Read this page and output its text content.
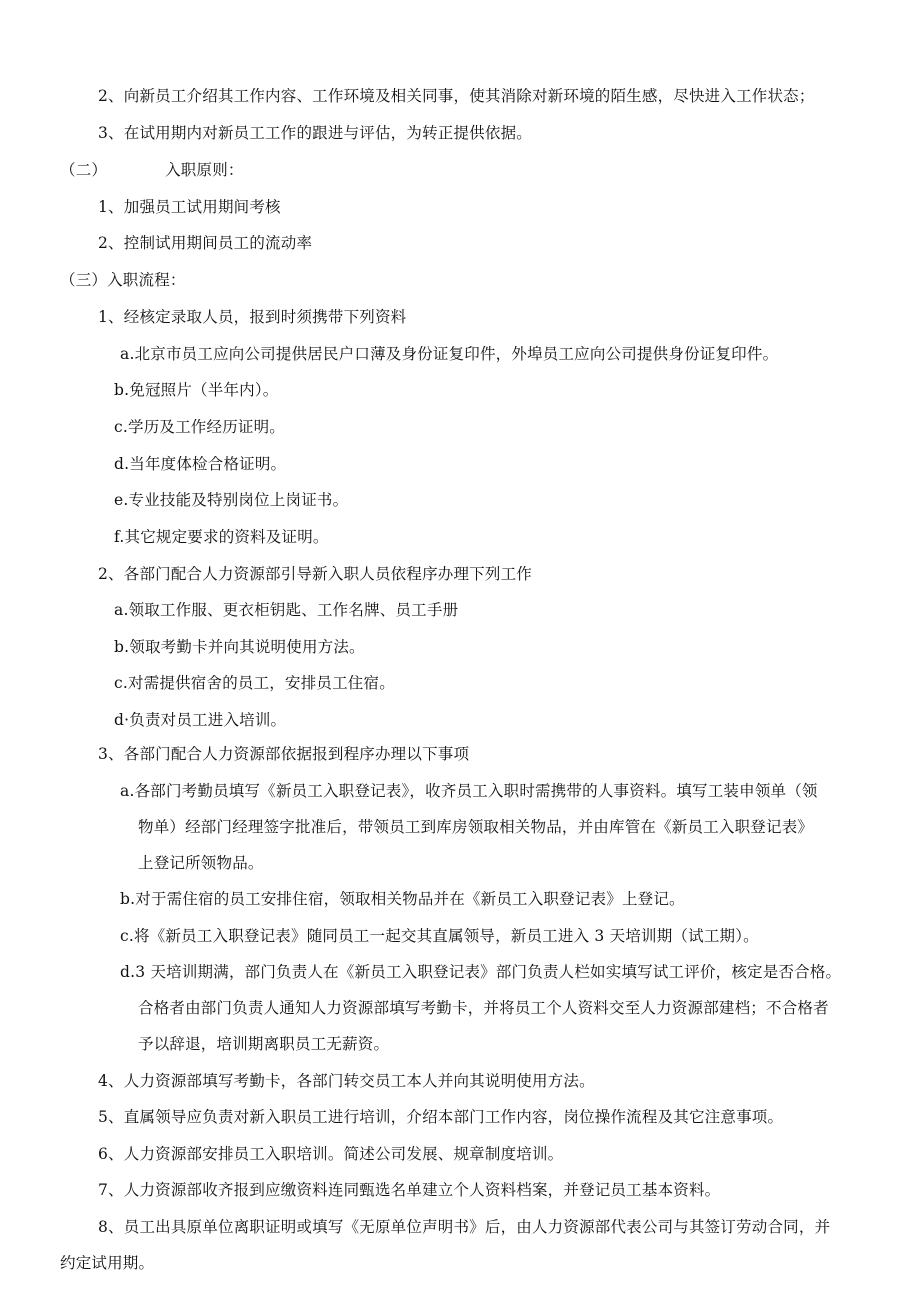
2、向新员工介绍其工作内容、工作环境及相关同事，使其消除对新环境的陌生感，尽快进入工作状态；
3、在试用期内对新员工工作的跟进与评估，为转正提供依据。
（二）	入职原则：
1、加强员工试用期间考核
2、控制试用期间员工的流动率
（三）入职流程：
1、经核定录取人员，报到时须携带下列资料
a.北京市员工应向公司提供居民户口薄及身份证复印件，外埠员工应向公司提供身份证复印件。
b.免冠照片（半年内）。
c.学历及工作经历证明。
d.当年度体检合格证明。
e.专业技能及特别岗位上岗证书。
f.其它规定要求的资料及证明。
2、各部门配合人力资源部引导新入职人员依程序办理下列工作
a.领取工作服、更衣柜钥匙、工作名牌、员工手册
b.领取考勤卡并向其说明使用方法。
c.对需提供宿舍的员工，安排员工住宿。
d·负责对员工进入培训。
3、各部门配合人力资源部依据报到程序办理以下事项
a.各部门考勤员填写《新员工入职登记表》，收齐员工入职时需携带的人事资料。填写工装申领单（领
物单）经部门经理签字批准后，带领员工到库房领取相关物品，并由库管在《新员工入职登记表》
上登记所领物品。
b.对于需住宿的员工安排住宿，领取相关物品并在《新员工入职登记表》上登记。
c.将《新员工入职登记表》随同员工一起交其直属领导，新员工进入 3 天培训期（试工期）。
d.3 天培训期满，部门负责人在《新员工入职登记表》部门负责人栏如实填写试工评价，核定是否合格。
合格者由部门负责人通知人力资源部填写考勤卡，并将员工个人资料交至人力资源部建档；不合格者
予以辞退，培训期离职员工无薪资。
4、人力资源部填写考勤卡，各部门转交员工本人并向其说明使用方法。
5、直属领导应负责对新入职员工进行培训，介绍本部门工作内容，岗位操作流程及其它注意事项。
6、人力资源部安排员工入职培训。简述公司发展、规章制度培训。
7、人力资源部收齐报到应缴资料连同甄选名单建立个人资料档案，并登记员工基本资料。
8、员工出具原单位离职证明或填写《无原单位声明书》后，由人力资源部代表公司与其签订劳动合同，并
约定试用期。
